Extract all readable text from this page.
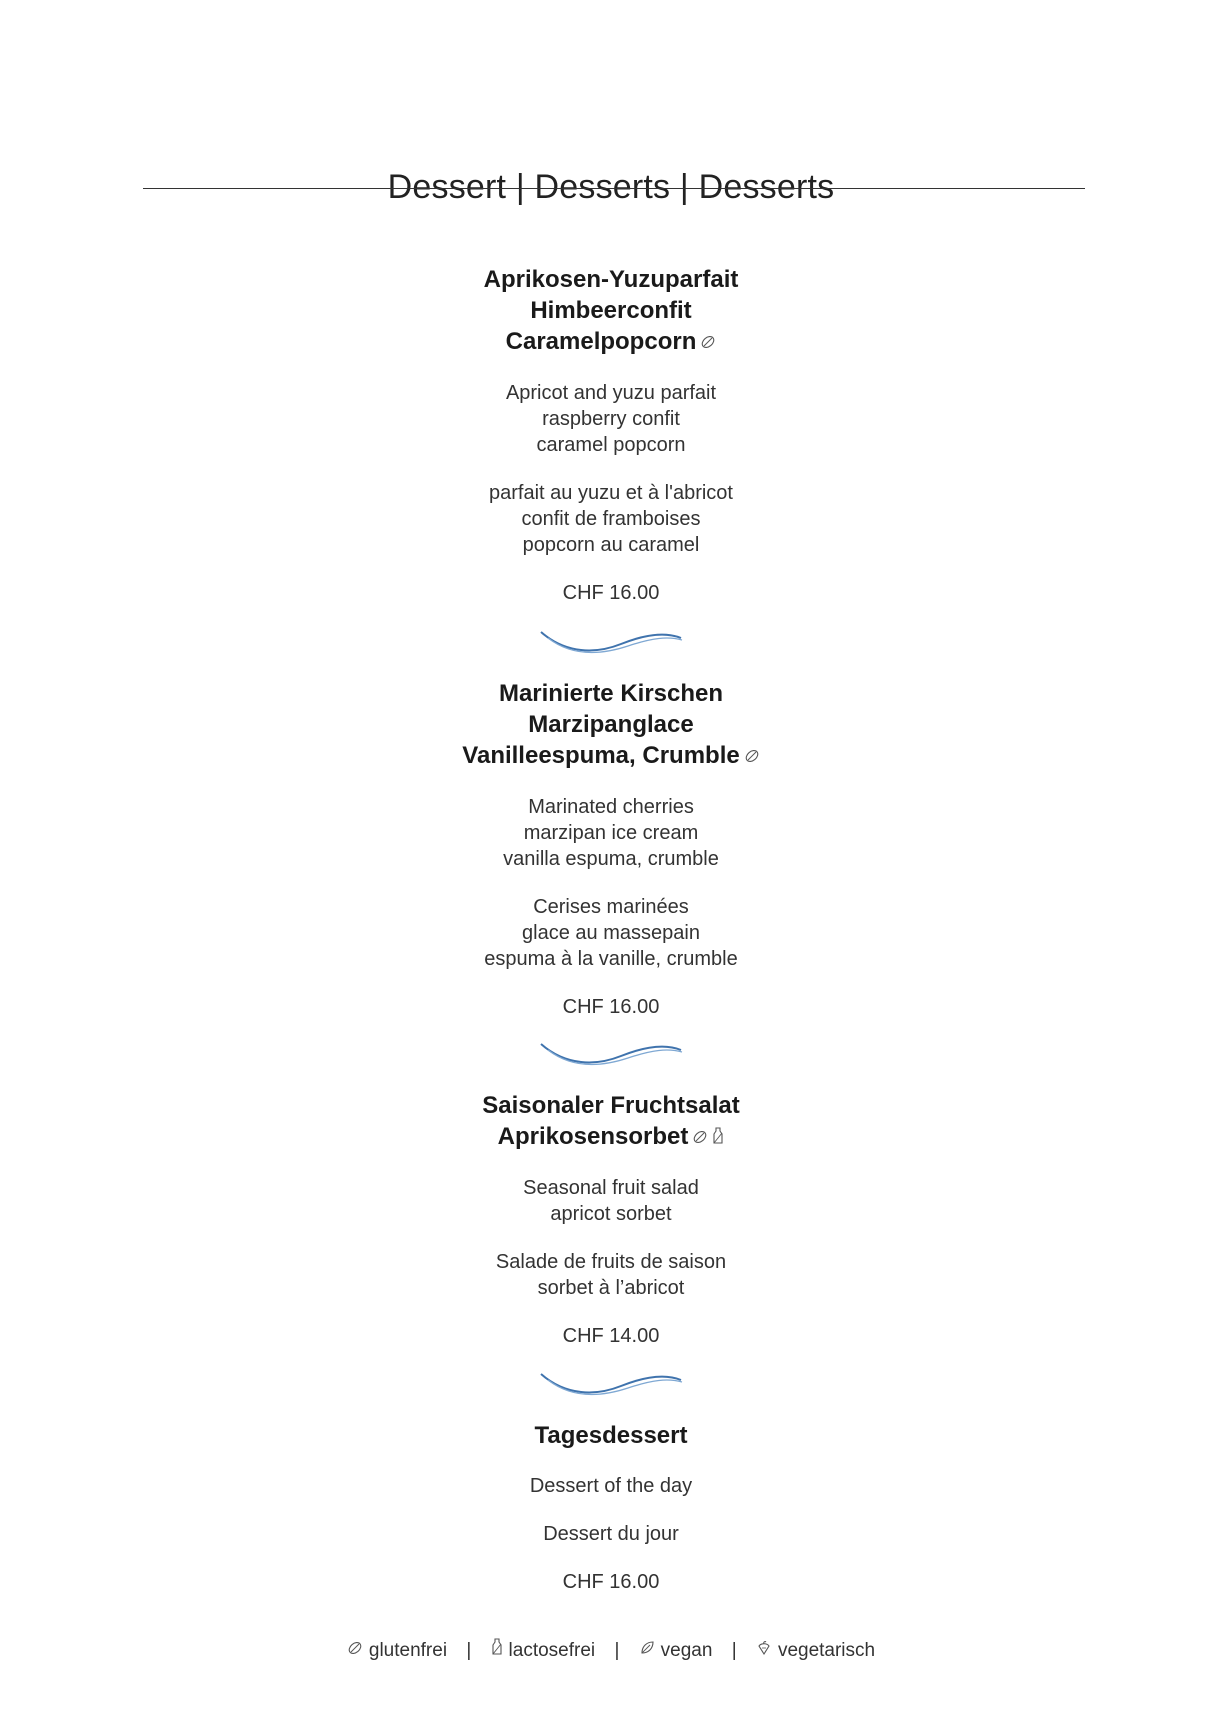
Dessert | Desserts | Desserts
Aprikosen-Yuzuparfait
Himbeerconfit
Caramelpopcorn
Apricot and yuzu parfait
raspberry confit
caramel popcorn
parfait au yuzu et à l'abricot
confit de framboises
popcorn au caramel
CHF 16.00
Marinierte Kirschen
Marzipanglace
Vanilleespuma, Crumble
Marinated cherries
marzipan ice cream
vanilla espuma, crumble
Cerises marinées
glace au massepain
espuma à la vanille, crumble
CHF 16.00
Saisonaler Fruchtsalat
Aprikosensorbet
Seasonal fruit salad
apricot sorbet
Salade de fruits de saison
sorbet à l’abricot
CHF 14.00
Tagesdessert
Dessert of the day
Dessert du jour
CHF 16.00
glutenfrei | lactosefrei | vegan | vegetarisch
